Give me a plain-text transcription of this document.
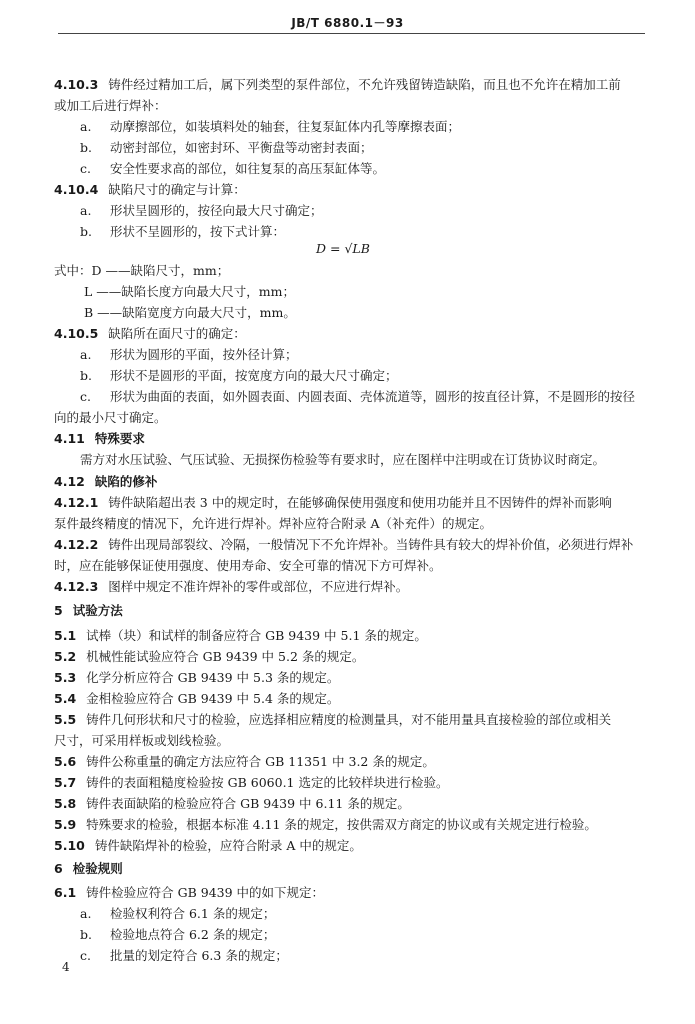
JB/T 6880.1－93
4.10.3 铸件经过精加工后，属下列类型的泵件部位，不允许残留铸造缺陷，而且也不允许在精加工前
或加工后进行焊补：
a. 动摩擦部位，如装填料处的轴套，往复泵缸体内孔等摩擦表面；
b. 动密封部位，如密封环、平衡盘等动密封表面；
c. 安全性要求高的部位，如往复泵的高压泵缸体等。
4.10.4 缺陷尺寸的确定与计算：
a. 形状呈圆形的，按径向最大尺寸确定；
b. 形状不呈圆形的，按下式计算：
D = √LB
式中：D ——缺陷尺寸，mm；
L ——缺陷长度方向最大尺寸，mm；
B ——缺陷宽度方向最大尺寸，mm。
4.10.5 缺陷所在面尺寸的确定：
a. 形状为圆形的平面，按外径计算；
b. 形状不是圆形的平面，按宽度方向的最大尺寸确定；
c. 形状为曲面的表面，如外圆表面、内圆表面、壳体流道等，圆形的按直径计算，不是圆形的按径
向的最小尺寸确定。
4.11 特殊要求
需方对水压试验、气压试验、无损探伤检验等有要求时，应在图样中注明或在订货协议时商定。
4.12 缺陷的修补
4.12.1 铸件缺陷超出表 3 中的规定时，在能够确保使用强度和使用功能并且不因铸件的焊补而影响
泵件最终精度的情况下，允许进行焊补。焊补应符合附录 A（补充件）的规定。
4.12.2 铸件出现局部裂纹、冷隔，一般情况下不允许焊补。当铸件具有较大的焊补价值，必须进行焊补
时，应在能够保证使用强度、使用寿命、安全可靠的情况下方可焊补。
4.12.3 图样中规定不准许焊补的零件或部位，不应进行焊补。
5 试验方法
5.1 试棒（块）和试样的制备应符合 GB 9439 中 5.1 条的规定。
5.2 机械性能试验应符合 GB 9439 中 5.2 条的规定。
5.3 化学分析应符合 GB 9439 中 5.3 条的规定。
5.4 金相检验应符合 GB 9439 中 5.4 条的规定。
5.5 铸件几何形状和尺寸的检验，应选择相应精度的检测量具，对不能用量具直接检验的部位或相关
尺寸，可采用样板或划线检验。
5.6 铸件公称重量的确定方法应符合 GB 11351 中 3.2 条的规定。
5.7 铸件的表面粗糙度检验按 GB 6060.1 选定的比较样块进行检验。
5.8 铸件表面缺陷的检验应符合 GB 9439 中 6.11 条的规定。
5.9 特殊要求的检验，根据本标准 4.11 条的规定，按供需双方商定的协议或有关规定进行检验。
5.10 铸件缺陷焊补的检验，应符合附录 A 中的规定。
6 检验规则
6.1 铸件检验应符合 GB 9439 中的如下规定：
a. 检验权利符合 6.1 条的规定；
b. 检验地点符合 6.2 条的规定；
c. 批量的划定符合 6.3 条的规定；
4
